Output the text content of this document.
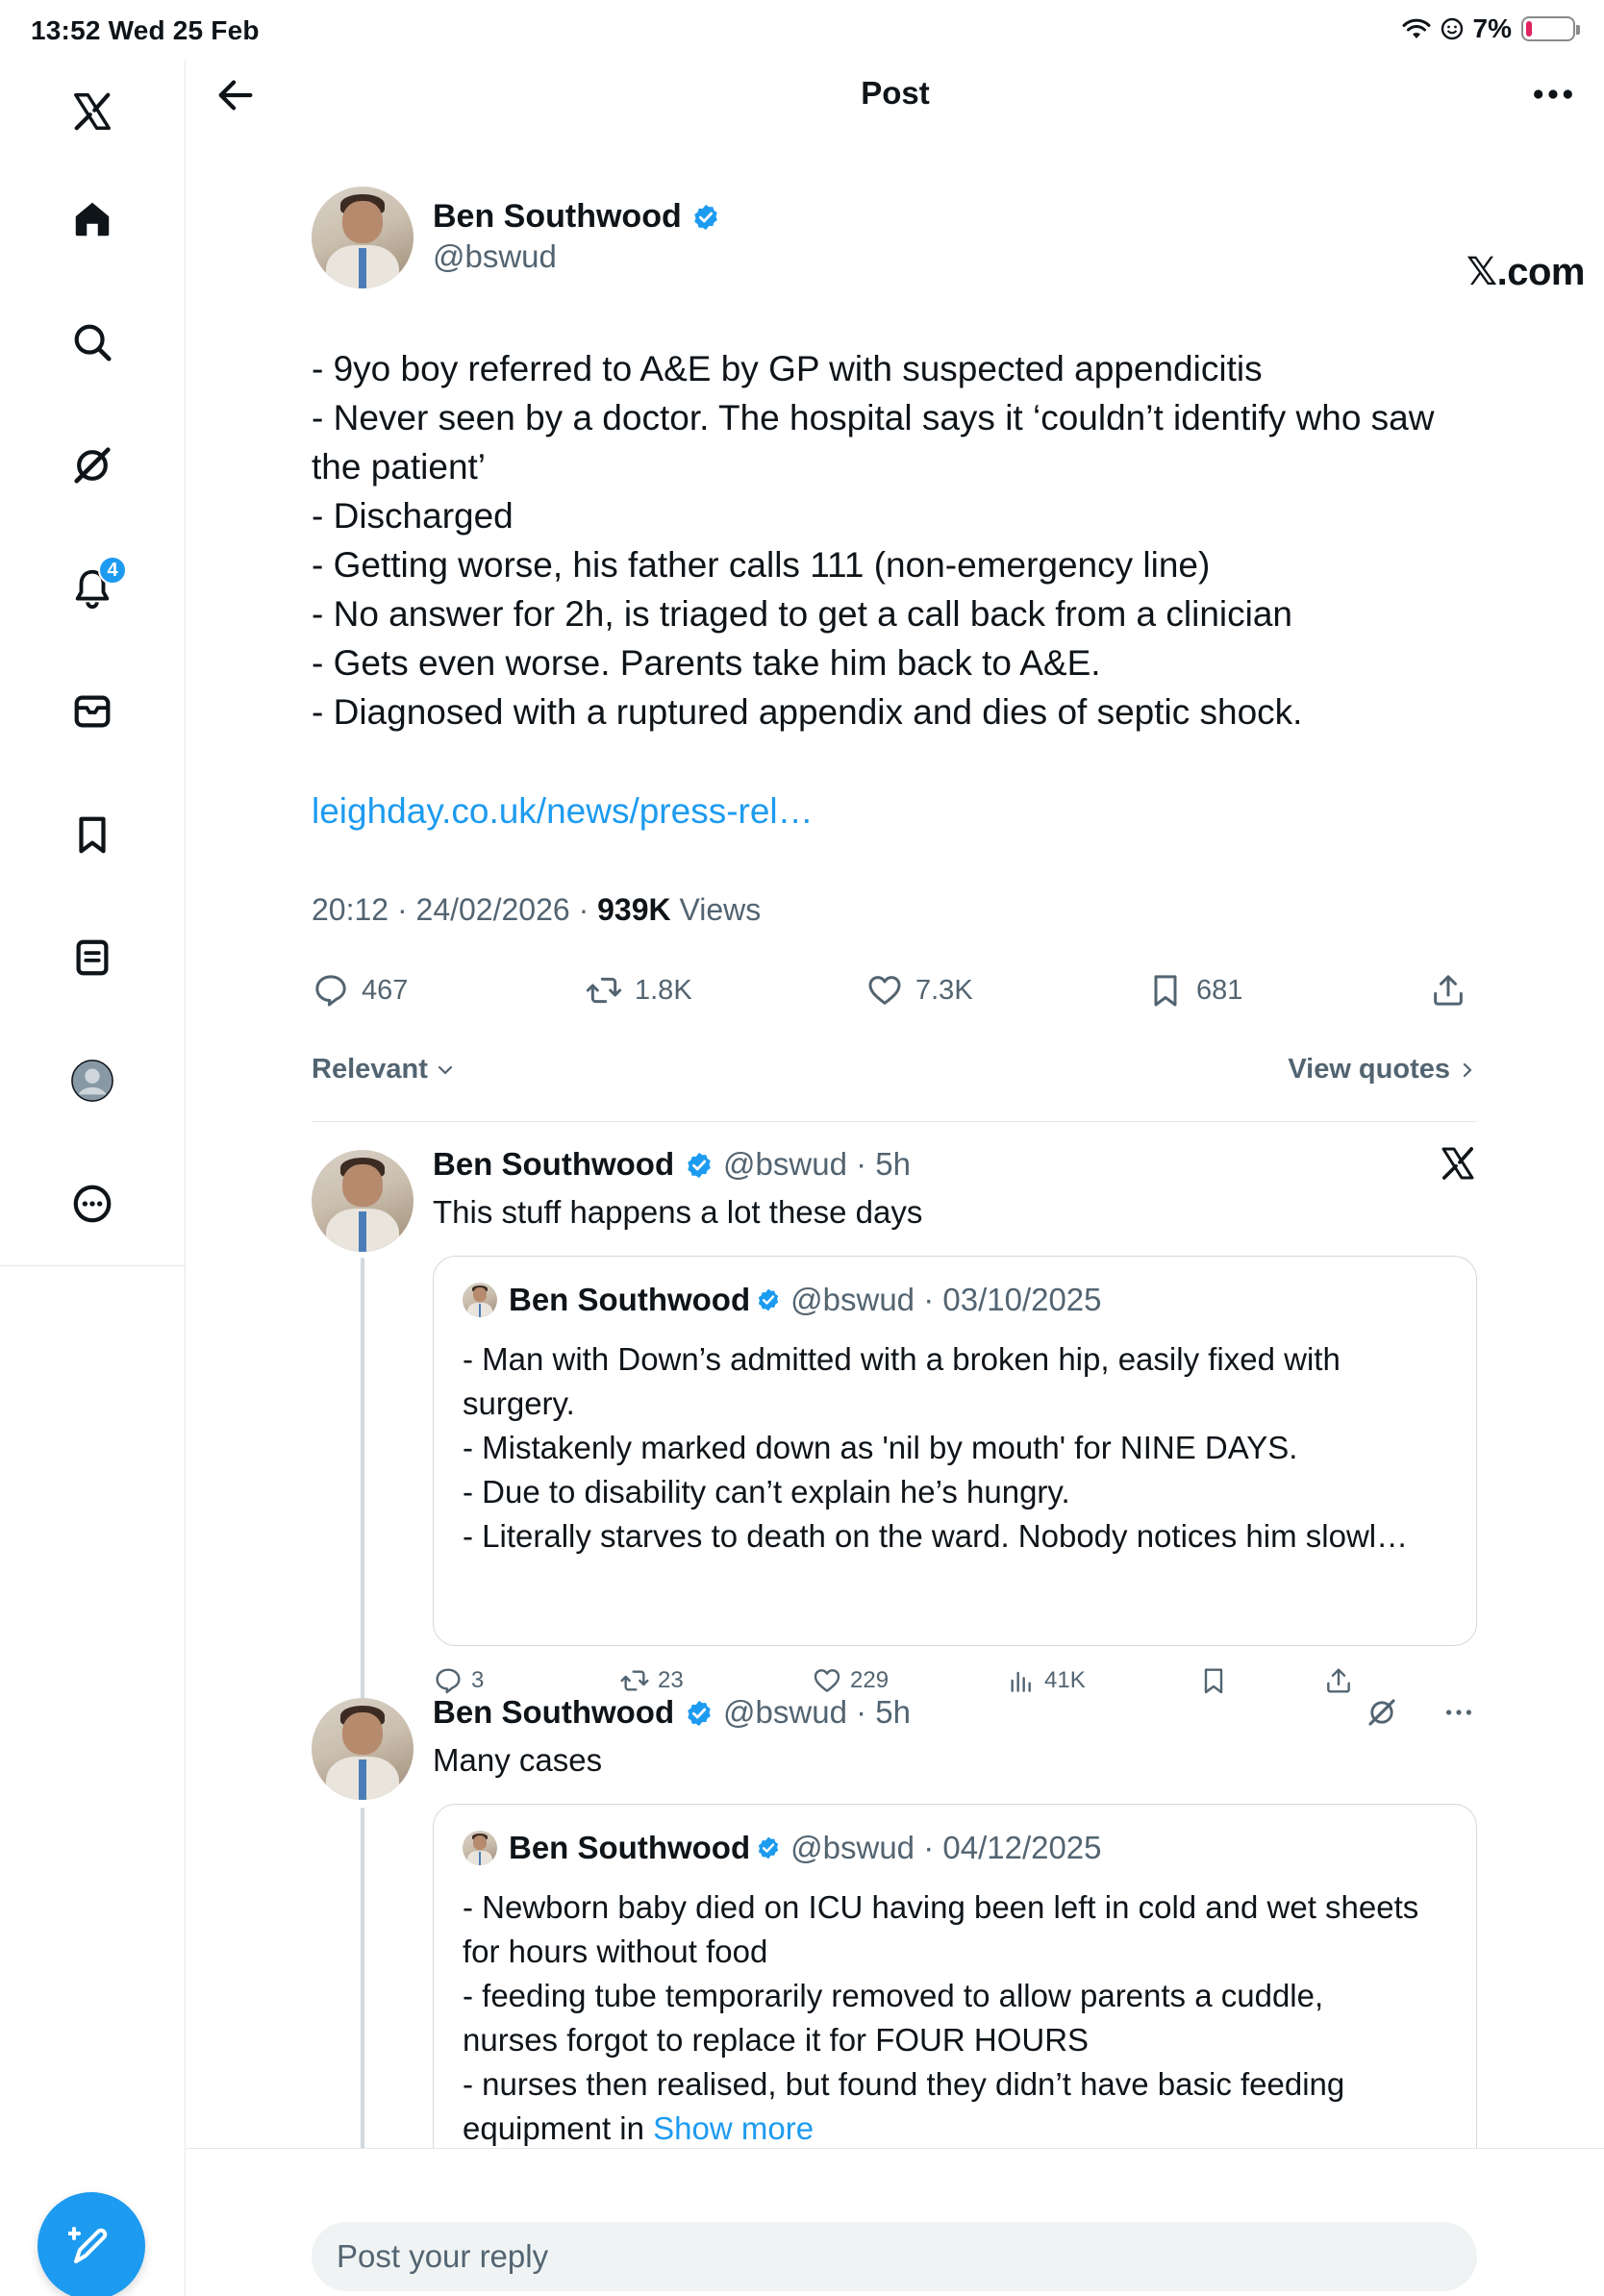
13:52 Wed 25 Feb	7%
4
Post
Ben Southwood
@bswud	𝕏.com
- 9yo boy referred to A&E by GP with suspected appendicitis
- Never seen by a doctor. The hospital says it ‘couldn’t identify who saw
the patient’
- Discharged
- Getting worse, his father calls 111 (non-emergency line)
- No answer for 2h, is triaged to get a call back from a clinician
- Gets even worse. Parents take him back to A&E.
- Diagnosed with a ruptured appendix and dies of septic shock.
leighday.co.uk/news/press-rel…
20:12 · 24/02/2026 · 939K Views
467	1.8K	7.3K	681
Relevant	View quotes
Ben Southwood @bswud · 5h
This stuff happens a lot these days
Ben Southwood @bswud · 03/10/2025
- Man with Down’s admitted with a broken hip, easily fixed with
surgery.
- Mistakenly marked down as 'nil by mouth' for NINE DAYS.
- Due to disability can’t explain he’s hungry.
- Literally starves to death on the ward. Nobody notices him slowl…
3	23	229	41K
Ben Southwood @bswud · 5h
Many cases
Ben Southwood @bswud · 04/12/2025
- Newborn baby died on ICU having been left in cold and wet sheets
for hours without food
- feeding tube temporarily removed to allow parents a cuddle,
nurses forgot to replace it for FOUR HOURS
- nurses then realised, but found they didn’t have basic feeding
equipment in Show more
Post your reply
